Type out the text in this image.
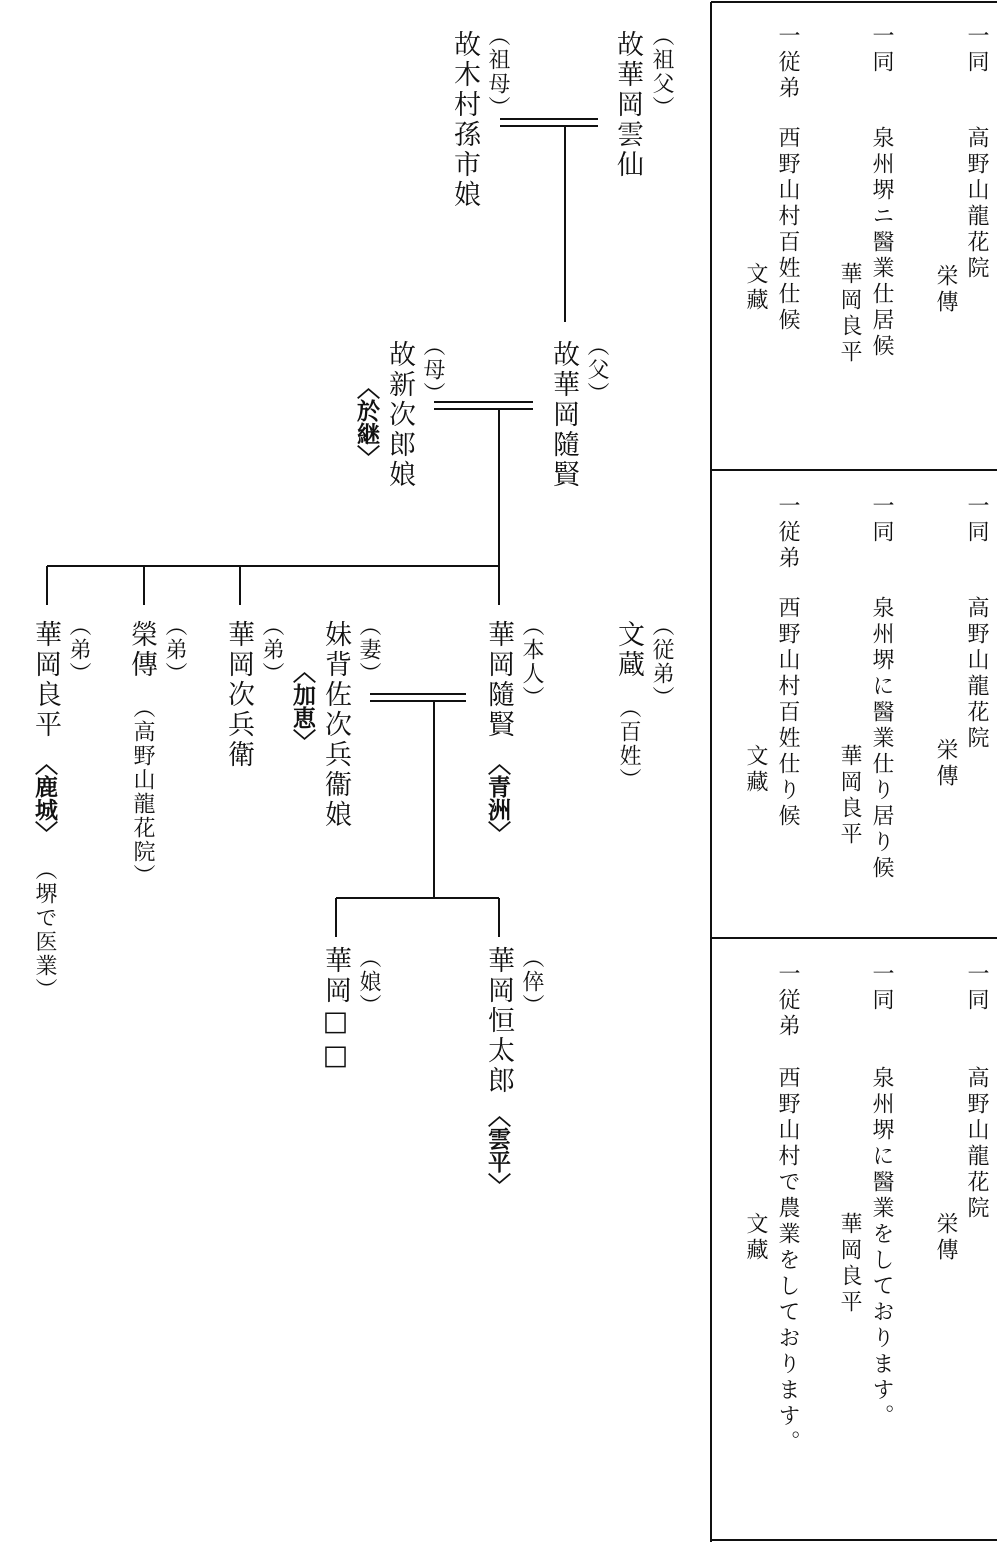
（祖父）
故華岡雲仙
（祖母）
故木村孫市娘
（父）
故華岡隨賢
（母）
故新次郎娘
〈於継〉
（従弟）
文蔵
（百姓）
（本人）
華岡隨賢
〈青洲〉
（妻）
妹背佐次兵衞娘
〈加恵〉
（弟）
華岡次兵衛
（弟）
榮傳
（高野山龍花院）
（弟）
華岡良平
〈鹿城〉
（堺で医業）	（倅）
華岡恒太郎
〈雲平〉
（娘）
華岡□□
一同
高野山龍花院
栄傳
一同
泉州堺ニ醫業仕居候
華岡良平
一従弟
西野山村百姓仕候
文藏
一同
高野山龍花院
栄傳
一同
泉州堺に醫業仕り居り候
華岡良平
一従弟
西野山村百姓仕り候
文藏
一同
高野山龍花院
栄傳
一同
泉州堺に醫業をしております。
華岡良平
一従弟
西野山村で農業をしております。
文藏
